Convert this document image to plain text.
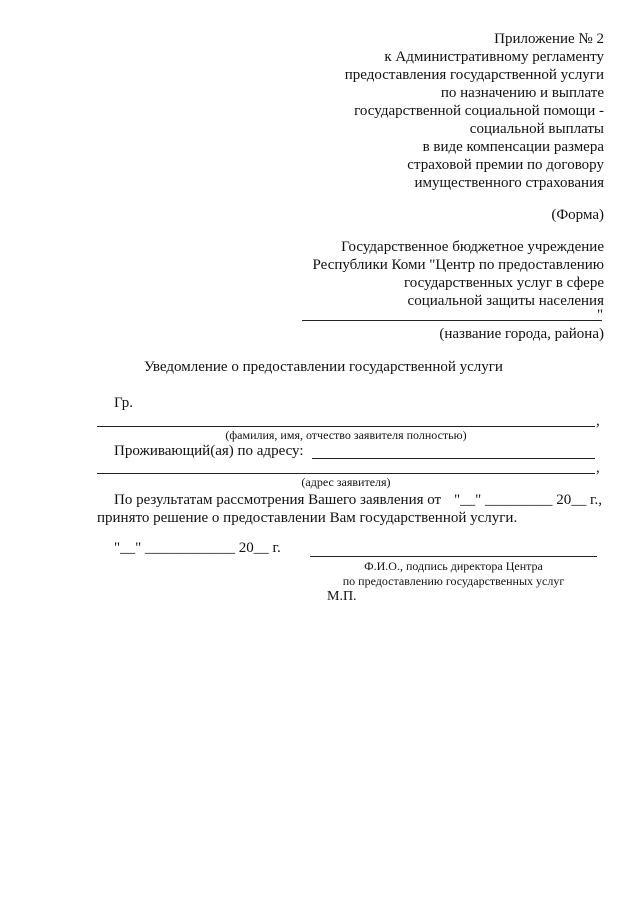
Приложение № 2
к Административному регламенту
предоставления государственной услуги
по назначению и выплате
государственной социальной помощи -
социальной выплаты
в виде компенсации размера
страховой премии по договору
имущественного страхования
(Форма)
Государственное бюджетное учреждение
Республики Коми "Центр по предоставлению
государственных услуг в сфере
социальной защиты населения
"
(название города, района)
Уведомление о предоставлении государственной услуги
Гр.
,
(фамилия, имя, отчество заявителя полностью)
Проживающий(ая) по адресу:
,
(адрес заявителя)
По результатам рассмотрения Вашего заявления от "__" _________ 20__ г.,
принято решение о предоставлении Вам государственной услуги.
"__" ____________ 20__ г.
Ф.И.О., подпись директора Центра
по предоставлению государственных услуг
М.П.
